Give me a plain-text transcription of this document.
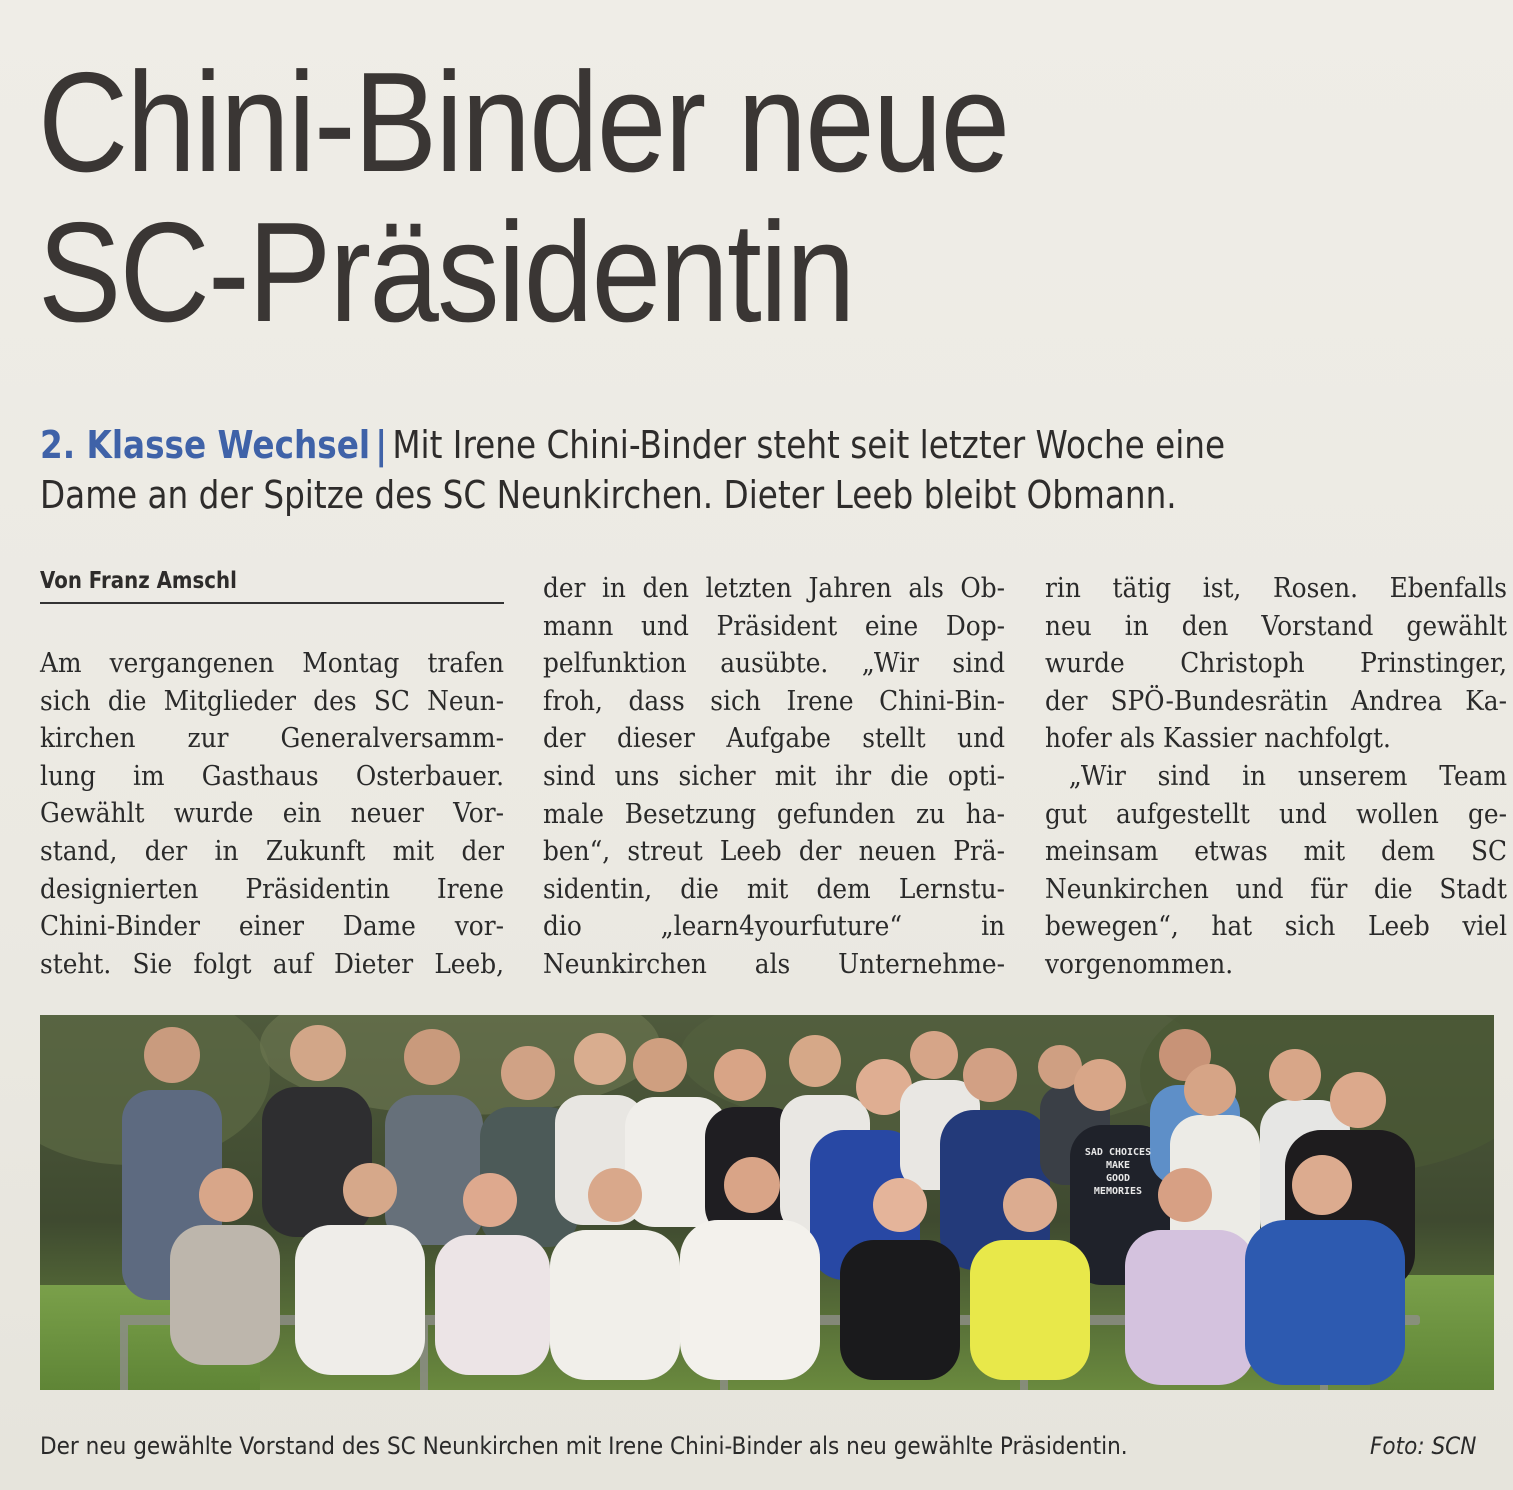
Chini-Binder neue
SC-Präsidentin
2. Klasse Wechsel | Mit Irene Chini-Binder steht seit letzter Woche eine
Dame an der Spitze des SC Neunkirchen. Dieter Leeb bleibt Obmann.
Von Franz Amschl

Am vergangenen Montag trafen
sich die Mitglieder des SC Neun-
kirchen zur Generalversamm-
lung im Gasthaus Osterbauer.
Gewählt wurde ein neuer Vor-
stand, der in Zukunft mit der
designierten Präsidentin Irene
Chini-Binder einer Dame vor-
steht. Sie folgt auf Dieter Leeb,

der in den letzten Jahren als Ob-
mann und Präsident eine Dop-
pelfunktion ausübte. „Wir sind
froh, dass sich Irene Chini-Bin-
der dieser Aufgabe stellt und
sind uns sicher mit ihr die opti-
male Besetzung gefunden zu ha-
ben“, streut Leeb der neuen Prä-
sidentin, die mit dem Lernstu-
dio „learn4yourfuture“ in
Neunkirchen als Unternehme-

rin tätig ist, Rosen. Ebenfalls
neu in den Vorstand gewählt
wurde Christoph Prinstinger,
der SPÖ-Bundesrätin Andrea Ka-
hofer als Kassier nachfolgt.
„Wir sind in unserem Team
gut aufgestellt und wollen ge-
meinsam etwas mit dem SC
Neunkirchen und für die Stadt
bewegen“, hat sich Leeb viel
vorgenommen.

SAD CHOICES
MAKE
GOOD
MEMORIES
Der neu gewählte Vorstand des SC Neunkirchen mit Irene Chini-Binder als neu gewählte Präsidentin.	Foto: SCN
